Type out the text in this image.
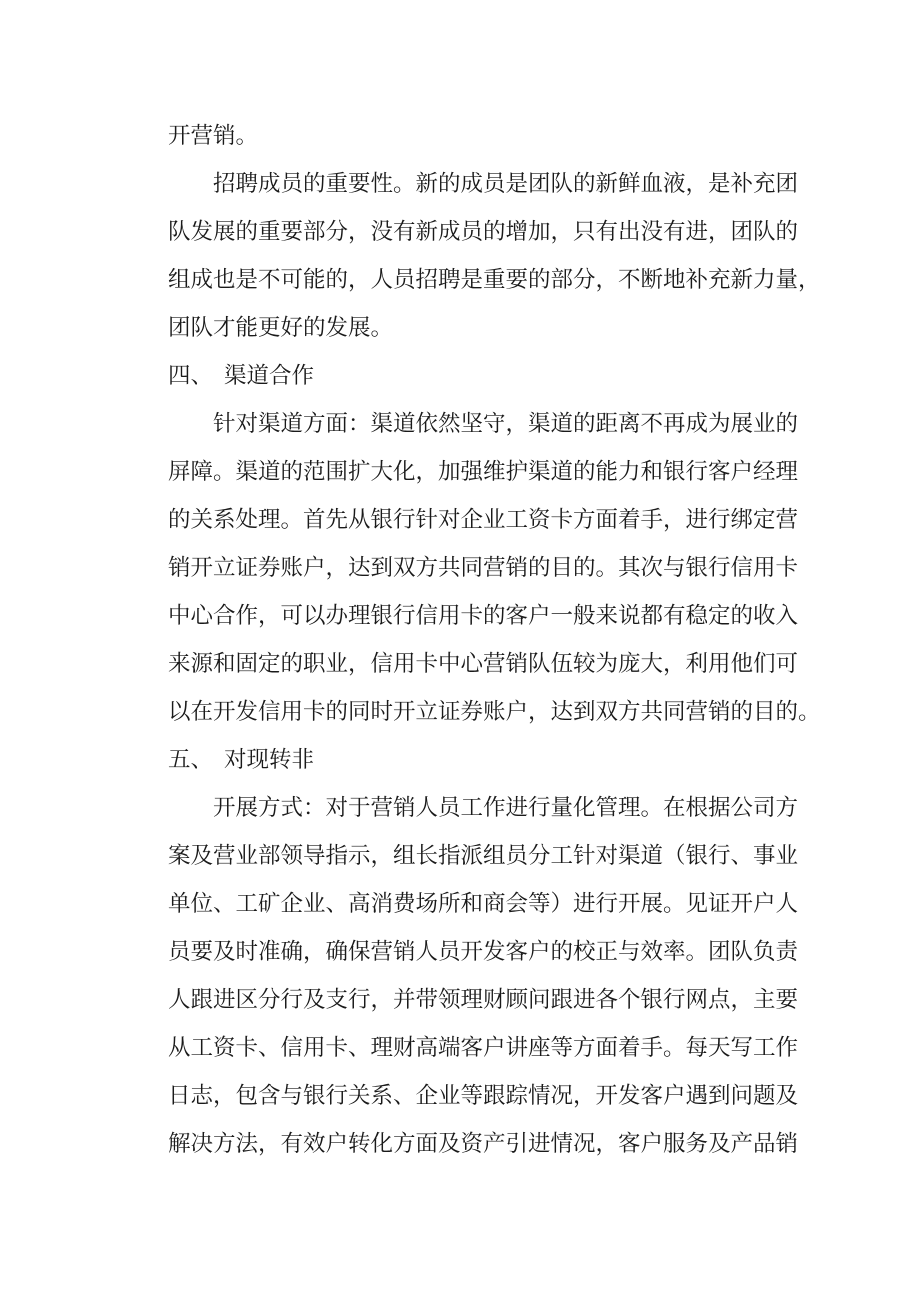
开营销。
招聘成员的重要性。新的成员是团队的新鲜血液，是补充团
队发展的重要部分，没有新成员的增加，只有出没有进，团队的
组成也是不可能的，人员招聘是重要的部分，不断地补充新力量，
团队才能更好的发展。
四、 渠道合作
针对渠道方面：渠道依然坚守，渠道的距离不再成为展业的
屏障。渠道的范围扩大化，加强维护渠道的能力和银行客户经理
的关系处理。首先从银行针对企业工资卡方面着手，进行绑定营
销开立证券账户，达到双方共同营销的目的。其次与银行信用卡
中心合作，可以办理银行信用卡的客户一般来说都有稳定的收入
来源和固定的职业，信用卡中心营销队伍较为庞大，利用他们可
以在开发信用卡的同时开立证券账户，达到双方共同营销的目的。
五、 对现转非
开展方式：对于营销人员工作进行量化管理。在根据公司方
案及营业部领导指示，组长指派组员分工针对渠道（银行、事业
单位、工矿企业、高消费场所和商会等）进行开展。见证开户人
员要及时准确，确保营销人员开发客户的校正与效率。团队负责
人跟进区分行及支行，并带领理财顾问跟进各个银行网点，主要
从工资卡、信用卡、理财高端客户讲座等方面着手。每天写工作
日志，包含与银行关系、企业等跟踪情况，开发客户遇到问题及
解决方法，有效户转化方面及资产引进情况，客户服务及产品销
